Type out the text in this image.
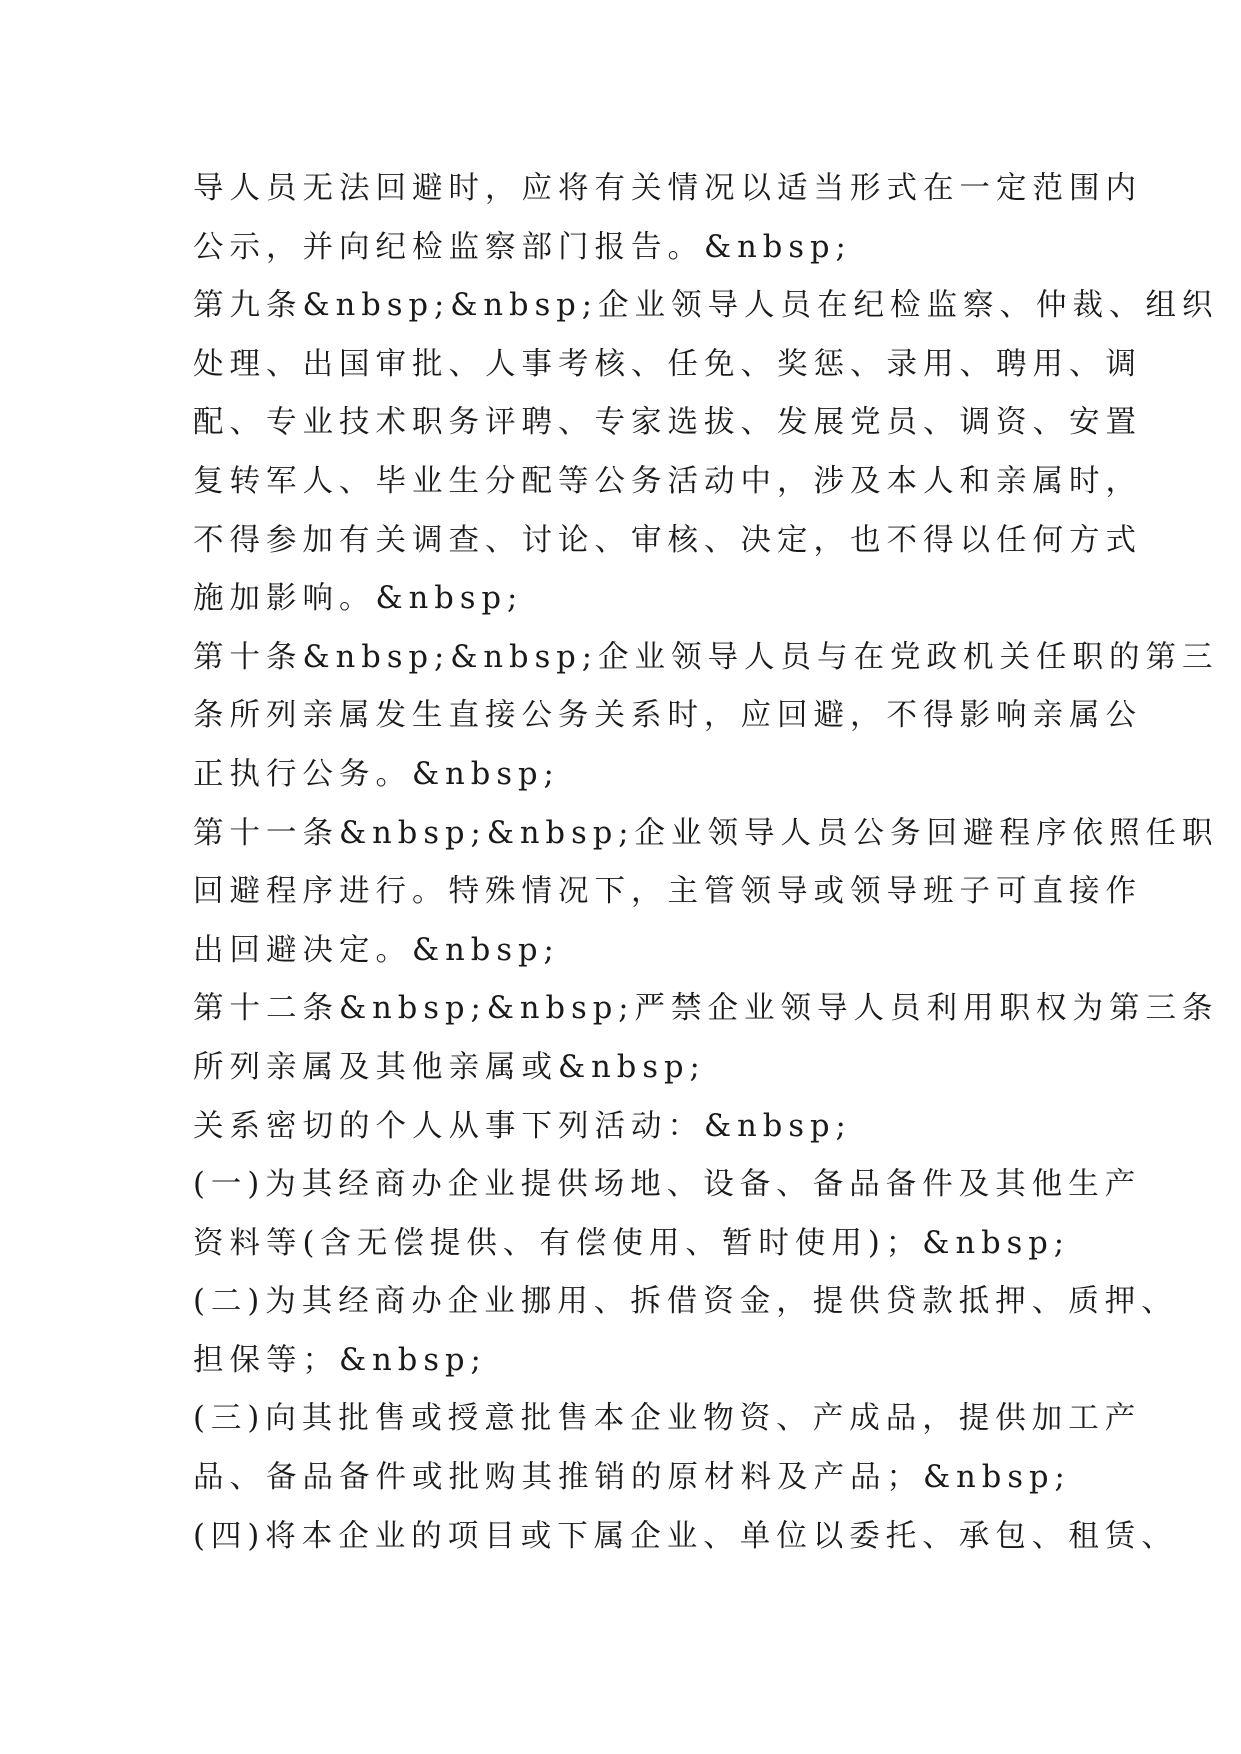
导人员无法回避时，应将有关情况以适当形式在一定范围内
公示，并向纪检监察部门报告。&nbsp;
第九条&nbsp;&nbsp;企业领导人员在纪检监察、仲裁、组织
处理、出国审批、人事考核、任免、奖惩、录用、聘用、调
配、专业技术职务评聘、专家选拔、发展党员、调资、安置
复转军人、毕业生分配等公务活动中，涉及本人和亲属时，
不得参加有关调查、讨论、审核、决定，也不得以任何方式
施加影响。&nbsp;
第十条&nbsp;&nbsp;企业领导人员与在党政机关任职的第三
条所列亲属发生直接公务关系时，应回避，不得影响亲属公
正执行公务。&nbsp;
第十一条&nbsp;&nbsp;企业领导人员公务回避程序依照任职
回避程序进行。特殊情况下，主管领导或领导班子可直接作
出回避决定。&nbsp;
第十二条&nbsp;&nbsp;严禁企业领导人员利用职权为第三条
所列亲属及其他亲属或&nbsp;
关系密切的个人从事下列活动：&nbsp;
(一)为其经商办企业提供场地、设备、备品备件及其他生产
资料等(含无偿提供、有偿使用、暂时使用)；&nbsp;
(二)为其经商办企业挪用、拆借资金，提供贷款抵押、质押、
担保等；&nbsp;
(三)向其批售或授意批售本企业物资、产成品，提供加工产
品、备品备件或批购其推销的原材料及产品；&nbsp;
(四)将本企业的项目或下属企业、单位以委托、承包、租赁、
